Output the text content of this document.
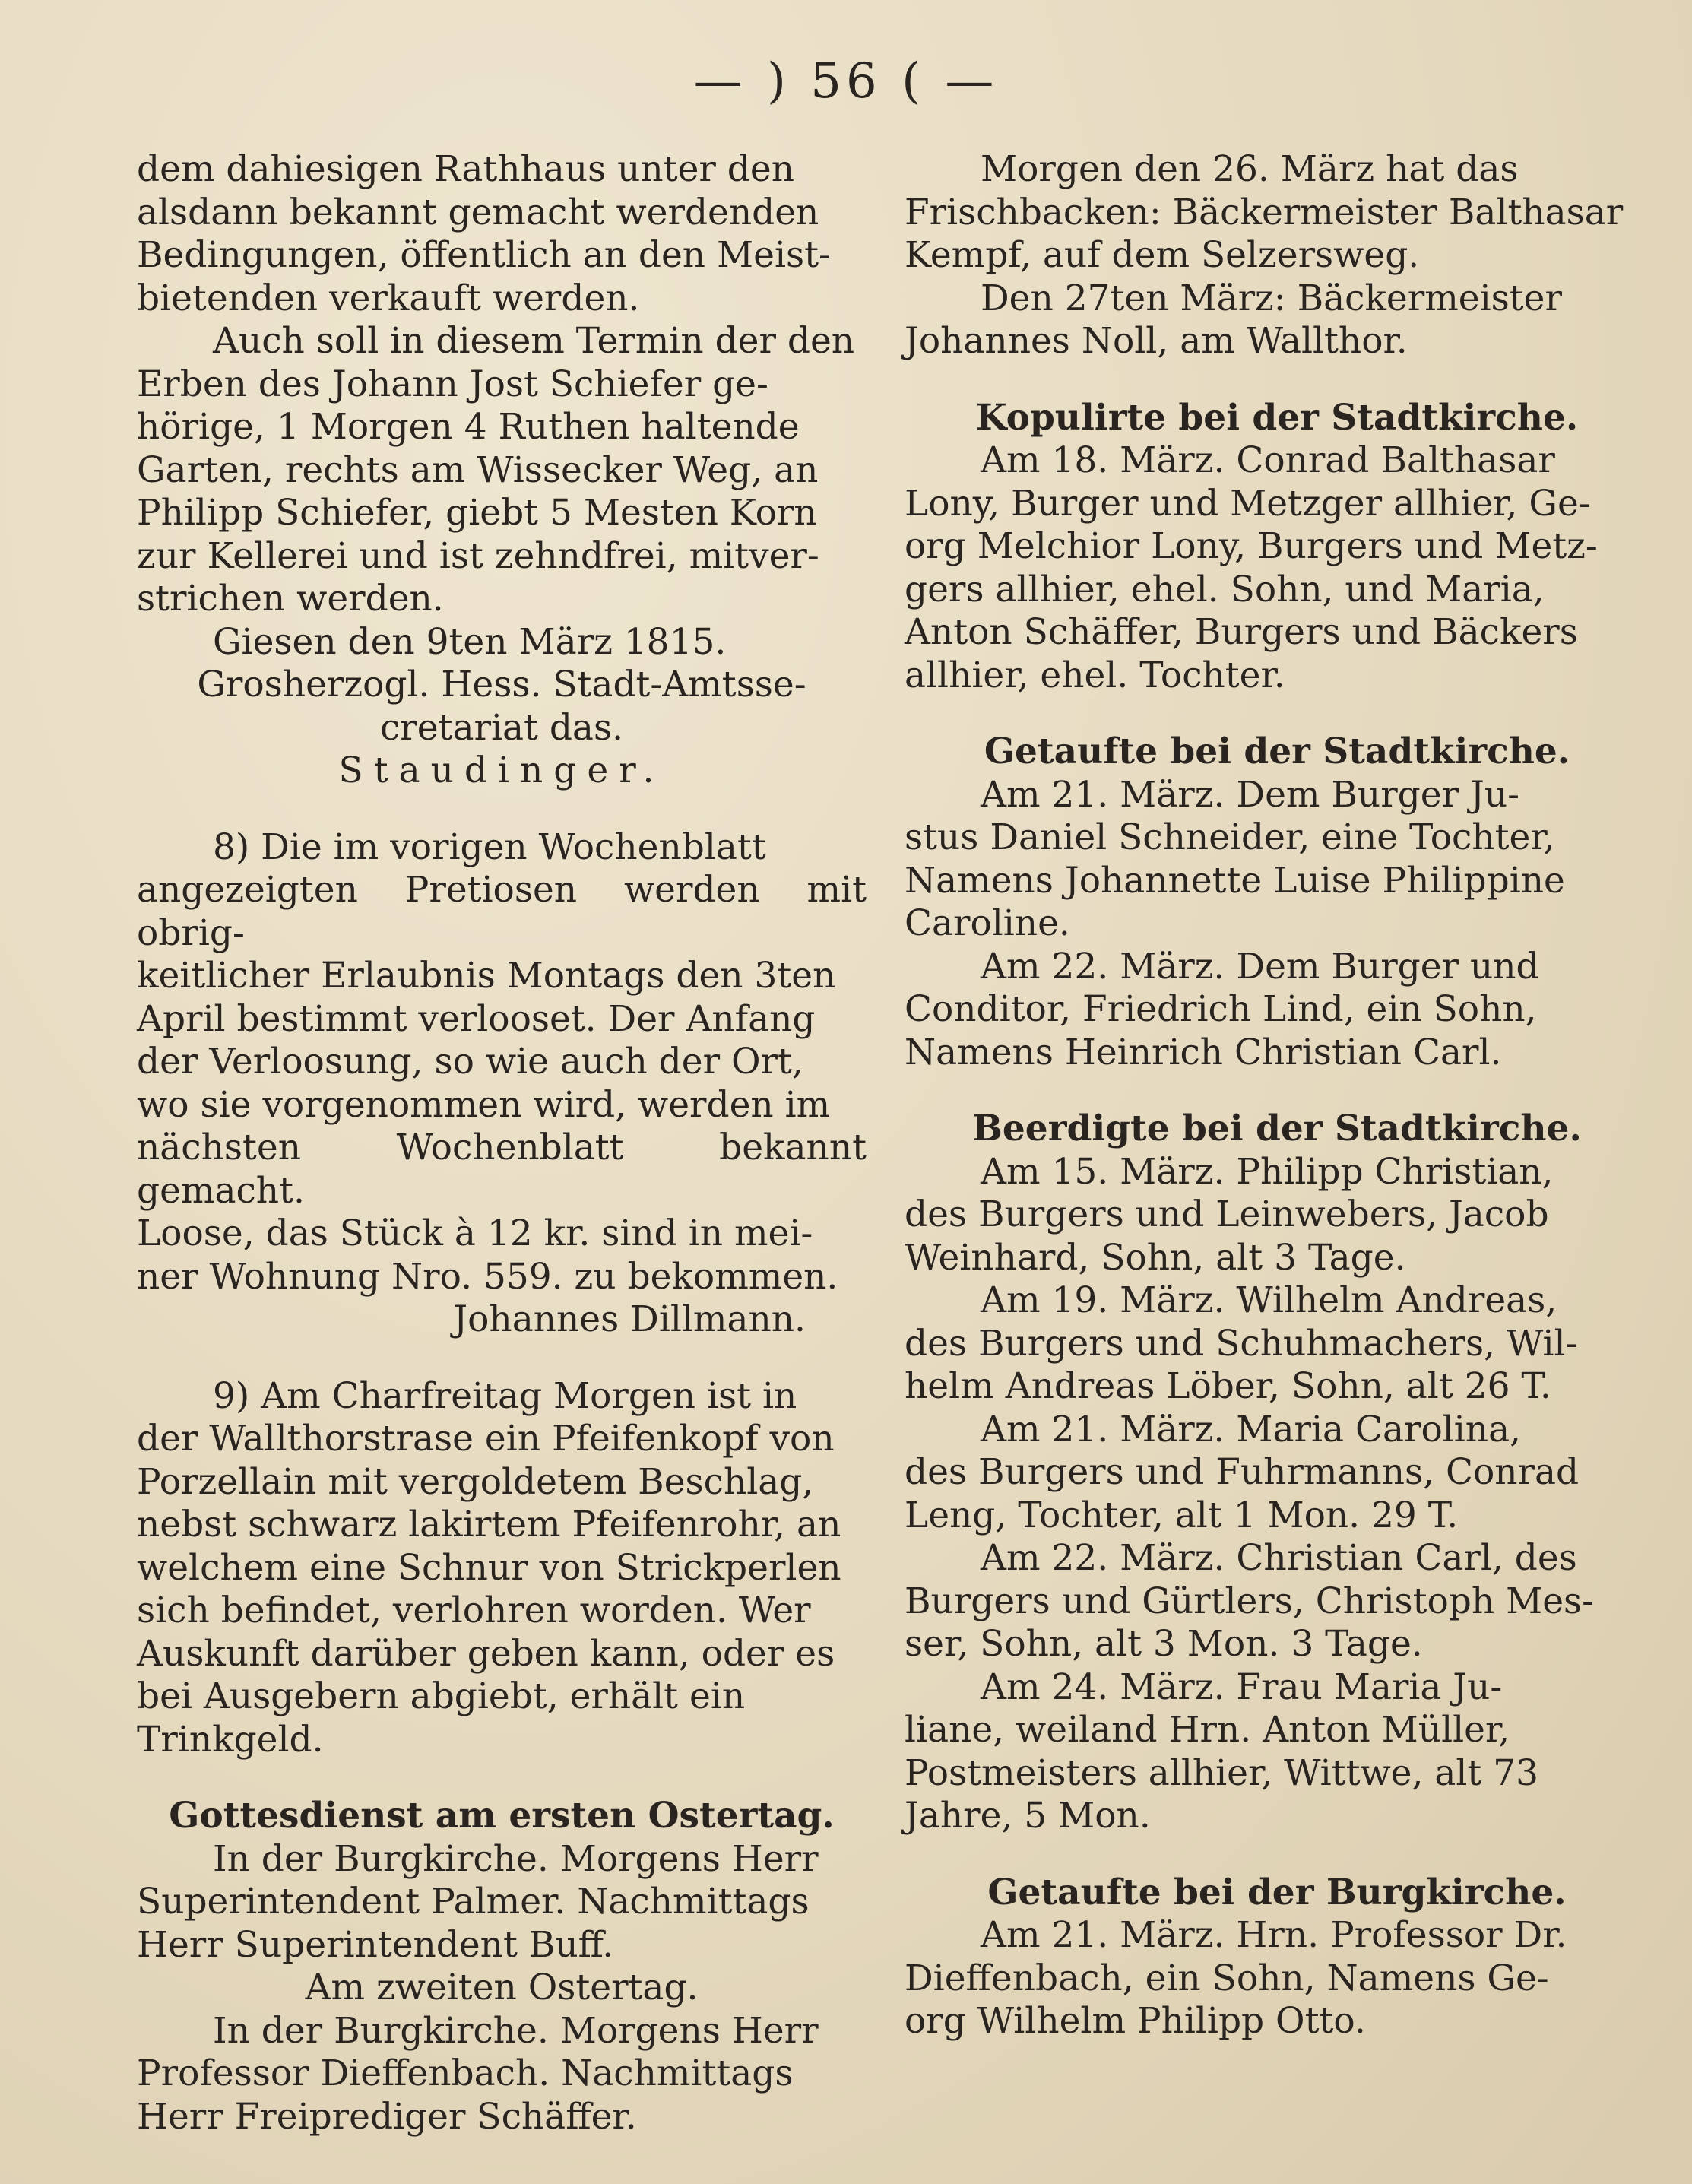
— ) 56 ( —

dem dahiesigen Rathhaus unter den
alsdann bekannt gemacht werdenden
Bedingungen, öffentlich an den Meist-
bietenden verkauft werden.

Auch soll in diesem Termin der den
Erben des Johann Jost Schiefer ge-
hörige, 1 Morgen 4 Ruthen haltende
Garten, rechts am Wissecker Weg, an
Philipp Schiefer, giebt 5 Mesten Korn
zur Kellerei und ist zehndfrei, mitver-
strichen werden.

Giesen den 9ten März 1815.

Grosherzogl. Hess. Stadt-Amtsse-
cretariat das.

Staudinger.

8) Die im vorigen Wochenblatt
angezeigten Pretiosen werden mit obrig-
keitlicher Erlaubnis Montags den 3ten
April bestimmt verlooset. Der Anfang
der Verloosung, so wie auch der Ort,
wo sie vorgenommen wird, werden im
nächsten Wochenblatt bekannt gemacht.
Loose, das Stück à 12 kr. sind in mei-
ner Wohnung Nro. 559. zu bekommen.

Johannes Dillmann.

9) Am Charfreitag Morgen ist in
der Wallthorstrase ein Pfeifenkopf von
Porzellain mit vergoldetem Beschlag,
nebst schwarz lakirtem Pfeifenrohr, an
welchem eine Schnur von Strickperlen
sich befindet, verlohren worden. Wer
Auskunft darüber geben kann, oder es
bei Ausgebern abgiebt, erhält ein
Trinkgeld.

Gottesdienst am ersten Ostertag.

In der Burgkirche. Morgens Herr
Superintendent Palmer. Nachmittags
Herr Superintendent Buff.

Am zweiten Ostertag.

In der Burgkirche. Morgens Herr
Professor Dieffenbach. Nachmittags
Herr Freiprediger Schäffer.

Morgen den 26. März hat das
Frischbacken: Bäckermeister Balthasar
Kempf, auf dem Selzersweg.

Den 27ten März: Bäckermeister
Johannes Noll, am Wallthor.

Kopulirte bei der Stadtkirche.

Am 18. März. Conrad Balthasar
Lony, Burger und Metzger allhier, Ge-
org Melchior Lony, Burgers und Metz-
gers allhier, ehel. Sohn, und Maria,
Anton Schäffer, Burgers und Bäckers
allhier, ehel. Tochter.

Getaufte bei der Stadtkirche.

Am 21. März. Dem Burger Ju-
stus Daniel Schneider, eine Tochter,
Namens Johannette Luise Philippine
Caroline.

Am 22. März. Dem Burger und
Conditor, Friedrich Lind, ein Sohn,
Namens Heinrich Christian Carl.

Beerdigte bei der Stadtkirche.

Am 15. März. Philipp Christian,
des Burgers und Leinwebers, Jacob
Weinhard, Sohn, alt 3 Tage.

Am 19. März. Wilhelm Andreas,
des Burgers und Schuhmachers, Wil-
helm Andreas Löber, Sohn, alt 26 T.

Am 21. März. Maria Carolina,
des Burgers und Fuhrmanns, Conrad
Leng, Tochter, alt 1 Mon. 29 T.

Am 22. März. Christian Carl, des
Burgers und Gürtlers, Christoph Mes-
ser, Sohn, alt 3 Mon. 3 Tage.

Am 24. März. Frau Maria Ju-
liane, weiland Hrn. Anton Müller,
Postmeisters allhier, Wittwe, alt 73
Jahre, 5 Mon.

Getaufte bei der Burgkirche.

Am 21. März. Hrn. Professor Dr.
Dieffenbach, ein Sohn, Namens Ge-
org Wilhelm Philipp Otto.
